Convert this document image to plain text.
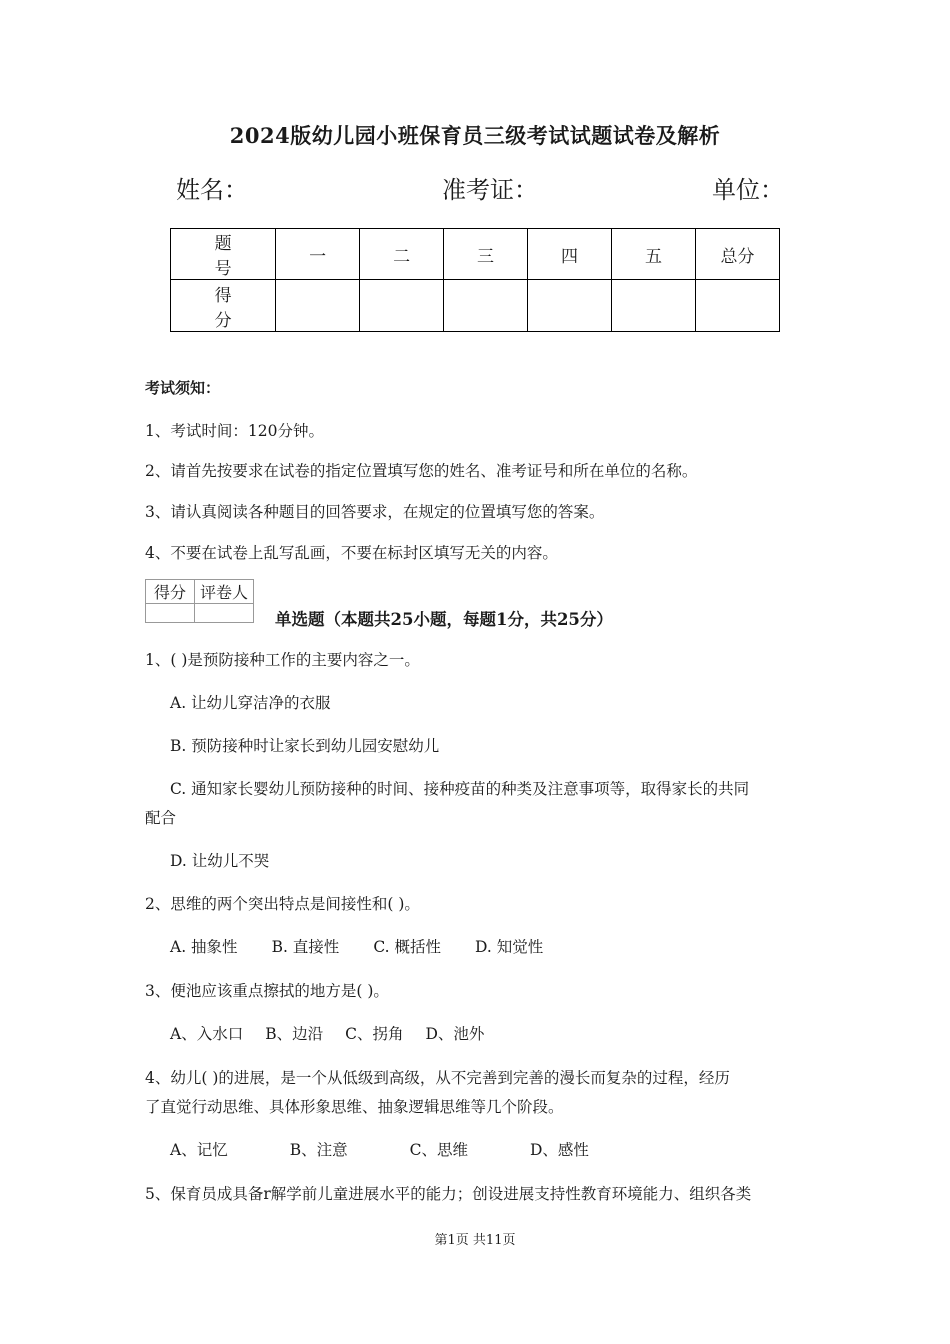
2024版幼儿园小班保育员三级考试试题试卷及解析
姓名：	准考证：	单位：
题 号	一	二	三	四	五	总分
得 分						
考试须知：
1、考试时间：120分钟。
2、请首先按要求在试卷的指定位置填写您的姓名、准考证号和所在单位的名称。
3、请认真阅读各种题目的回答要求，在规定的位置填写您的答案。
4、不要在试卷上乱写乱画，不要在标封区填写无关的内容。
得分	评卷人

单选题（本题共25小题，每题1分，共25分）
1、( )是预防接种工作的主要内容之一。
A. 让幼儿穿洁净的衣服
B. 预防接种时让家长到幼儿园安慰幼儿
C. 通知家长婴幼儿预防接种的时间、接种疫苗的种类及注意事项等，取得家长的共同
配合
D. 让幼儿不哭
2、思维的两个突出特点是间接性和( )。
A. 抽象性 B. 直接性 C. 概括性 D. 知觉性
3、便池应该重点擦拭的地方是( )。
A、入水口 B、边沿 C、拐角 D、池外
4、幼儿( )的进展，是一个从低级到高级，从不完善到完善的漫长而复杂的过程，经历
了直觉行动思维、具体形象思维、抽象逻辑思维等几个阶段。
A、记忆	B、注意	C、思维	D、感性
5、保育员成具备r解学前儿童进展水平的能力；创设进展支持性教育环境能力、组织各类
第1页 共11页
